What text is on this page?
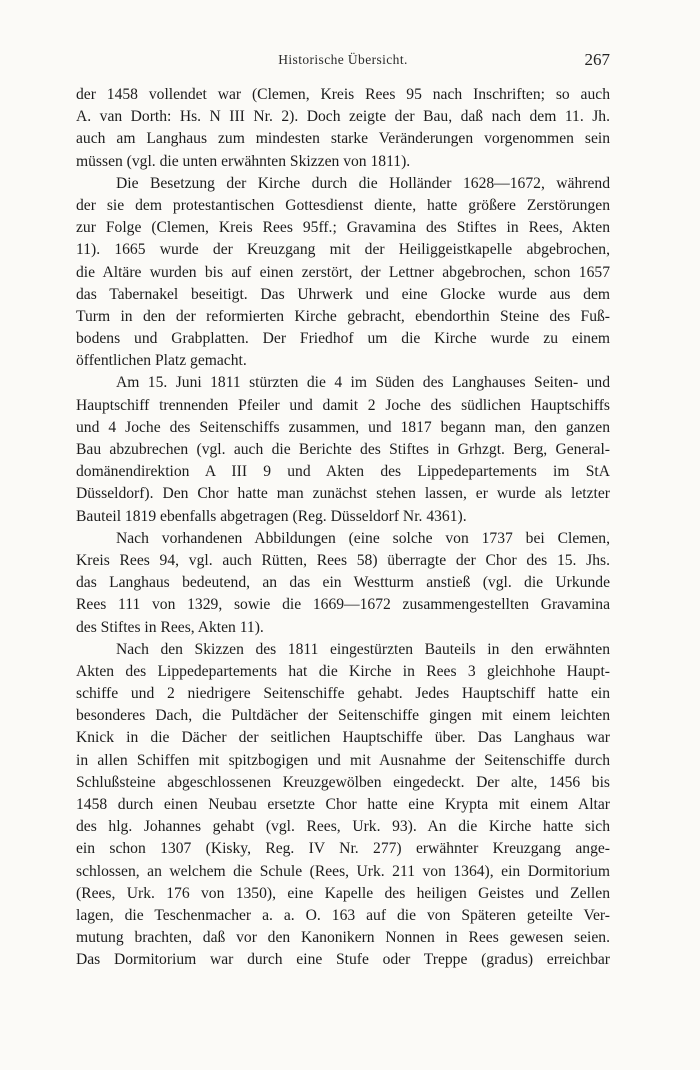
Historische Übersicht.	267
der 1458 vollendet war (Clemen, Kreis Rees 95 nach Inschriften; so auch
A. van Dorth: Hs. N III Nr. 2). Doch zeigte der Bau, daß nach dem 11. Jh.
auch am Langhaus zum mindesten starke Veränderungen vorgenommen sein
müssen (vgl. die unten erwähnten Skizzen von 1811).
Die Besetzung der Kirche durch die Holländer 1628—1672, während
der sie dem protestantischen Gottesdienst diente, hatte größere Zerstörungen
zur Folge (Clemen, Kreis Rees 95ff.; Gravamina des Stiftes in Rees, Akten
11). 1665 wurde der Kreuzgang mit der Heiliggeistkapelle abgebrochen,
die Altäre wurden bis auf einen zerstört, der Lettner abgebrochen, schon 1657
das Tabernakel beseitigt. Das Uhrwerk und eine Glocke wurde aus dem
Turm in den der reformierten Kirche gebracht, ebendorthin Steine des Fuß-
bodens und Grabplatten. Der Friedhof um die Kirche wurde zu einem
öffentlichen Platz gemacht.
Am 15. Juni 1811 stürzten die 4 im Süden des Langhauses Seiten- und
Hauptschiff trennenden Pfeiler und damit 2 Joche des südlichen Hauptschiffs
und 4 Joche des Seitenschiffs zusammen, und 1817 begann man, den ganzen
Bau abzubrechen (vgl. auch die Berichte des Stiftes in Grhzgt. Berg, General-
domänendirektion A III 9 und Akten des Lippedepartements im StA
Düsseldorf). Den Chor hatte man zunächst stehen lassen, er wurde als letzter
Bauteil 1819 ebenfalls abgetragen (Reg. Düsseldorf Nr. 4361).
Nach vorhandenen Abbildungen (eine solche von 1737 bei Clemen,
Kreis Rees 94, vgl. auch Rütten, Rees 58) überragte der Chor des 15. Jhs.
das Langhaus bedeutend, an das ein Westturm anstieß (vgl. die Urkunde
Rees 111 von 1329, sowie die 1669—1672 zusammengestellten Gravamina
des Stiftes in Rees, Akten 11).
Nach den Skizzen des 1811 eingestürzten Bauteils in den erwähnten
Akten des Lippedepartements hat die Kirche in Rees 3 gleichhohe Haupt-
schiffe und 2 niedrigere Seitenschiffe gehabt. Jedes Hauptschiff hatte ein
besonderes Dach, die Pultdächer der Seitenschiffe gingen mit einem leichten
Knick in die Dächer der seitlichen Hauptschiffe über. Das Langhaus war
in allen Schiffen mit spitzbogigen und mit Ausnahme der Seitenschiffe durch
Schlußsteine abgeschlossenen Kreuzgewölben eingedeckt. Der alte, 1456 bis
1458 durch einen Neubau ersetzte Chor hatte eine Krypta mit einem Altar
des hlg. Johannes gehabt (vgl. Rees, Urk. 93). An die Kirche hatte sich
ein schon 1307 (Kisky, Reg. IV Nr. 277) erwähnter Kreuzgang ange-
schlossen, an welchem die Schule (Rees, Urk. 211 von 1364), ein Dormitorium
(Rees, Urk. 176 von 1350), eine Kapelle des heiligen Geistes und Zellen
lagen, die Teschenmacher a. a. O. 163 auf die von Späteren geteilte Ver-
mutung brachten, daß vor den Kanonikern Nonnen in Rees gewesen seien.
Das Dormitorium war durch eine Stufe oder Treppe (gradus) erreichbar
